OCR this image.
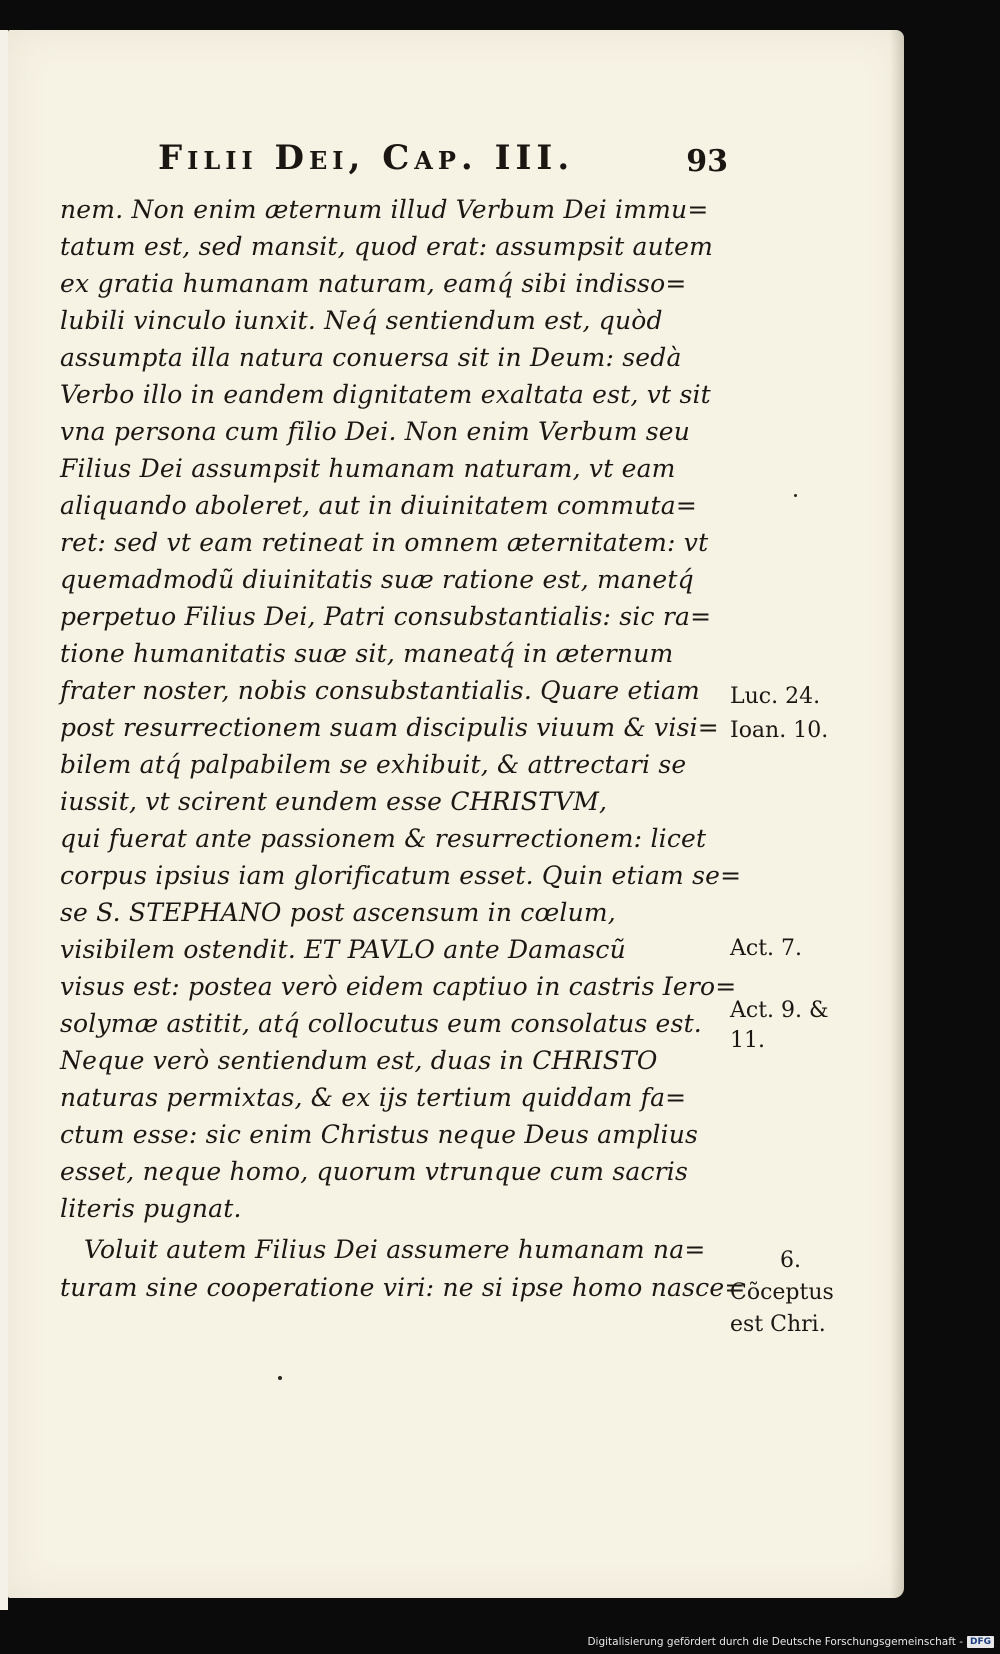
Filii Dei, Cap. III.	93
nem. Non enim æternum illud Verbum Dei immu=
tatum est, sed mansit, quod erat: assumpsit autem
ex gratia humanam naturam, eamq́ sibi indisso=
lubili vinculo iunxit. Neq́ sentiendum est, quòd
assumpta illa natura conuersa sit in Deum: sedà
Verbo illo in eandem dignitatem exaltata est, vt sit
vna persona cum filio Dei. Non enim Verbum seu
Filius Dei assumpsit humanam naturam, vt eam
aliquando aboleret, aut in diuinitatem commuta=
ret: sed vt eam retineat in omnem æternitatem: vt
quemadmodũ diuinitatis suæ ratione est, manetq́
perpetuo Filius Dei, Patri consubstantialis: sic ra=
tione humanitatis suæ sit, maneatq́ in æternum
frater noster, nobis consubstantialis. Quare etiam
post resurrectionem suam discipulis viuum & visi=
bilem atq́ palpabilem se exhibuit, & attrectari se
iussit, vt scirent eundem esse CHRISTVM,
qui fuerat ante passionem & resurrectionem: licet
corpus ipsius iam glorificatum esset. Quin etiam se=
se S. STEPHANO post ascensum in cœlum,
visibilem ostendit. ET PAVLO ante Damascũ
visus est: postea verò eidem captiuo in castris Iero=
solymæ astitit, atq́ collocutus eum consolatus est.
Neque verò sentiendum est, duas in CHRISTO
naturas permixtas, & ex ijs tertium quiddam fa=
ctum esse: sic enim Christus neque Deus amplius
esset, neque homo, quorum vtrunque cum sacris
literis pugnat.
Voluit autem Filius Dei assumere humanam na=
turam sine cooperatione viri: ne si ipse homo nasce=
Luc. 24.
Ioan. 10.
Act. 7.
Act. 9. &
11.
6.
Cõceptus
est Chri.
Digitalisierung gefördert durch die Deutsche Forschungsgemeinschaft - DFG
